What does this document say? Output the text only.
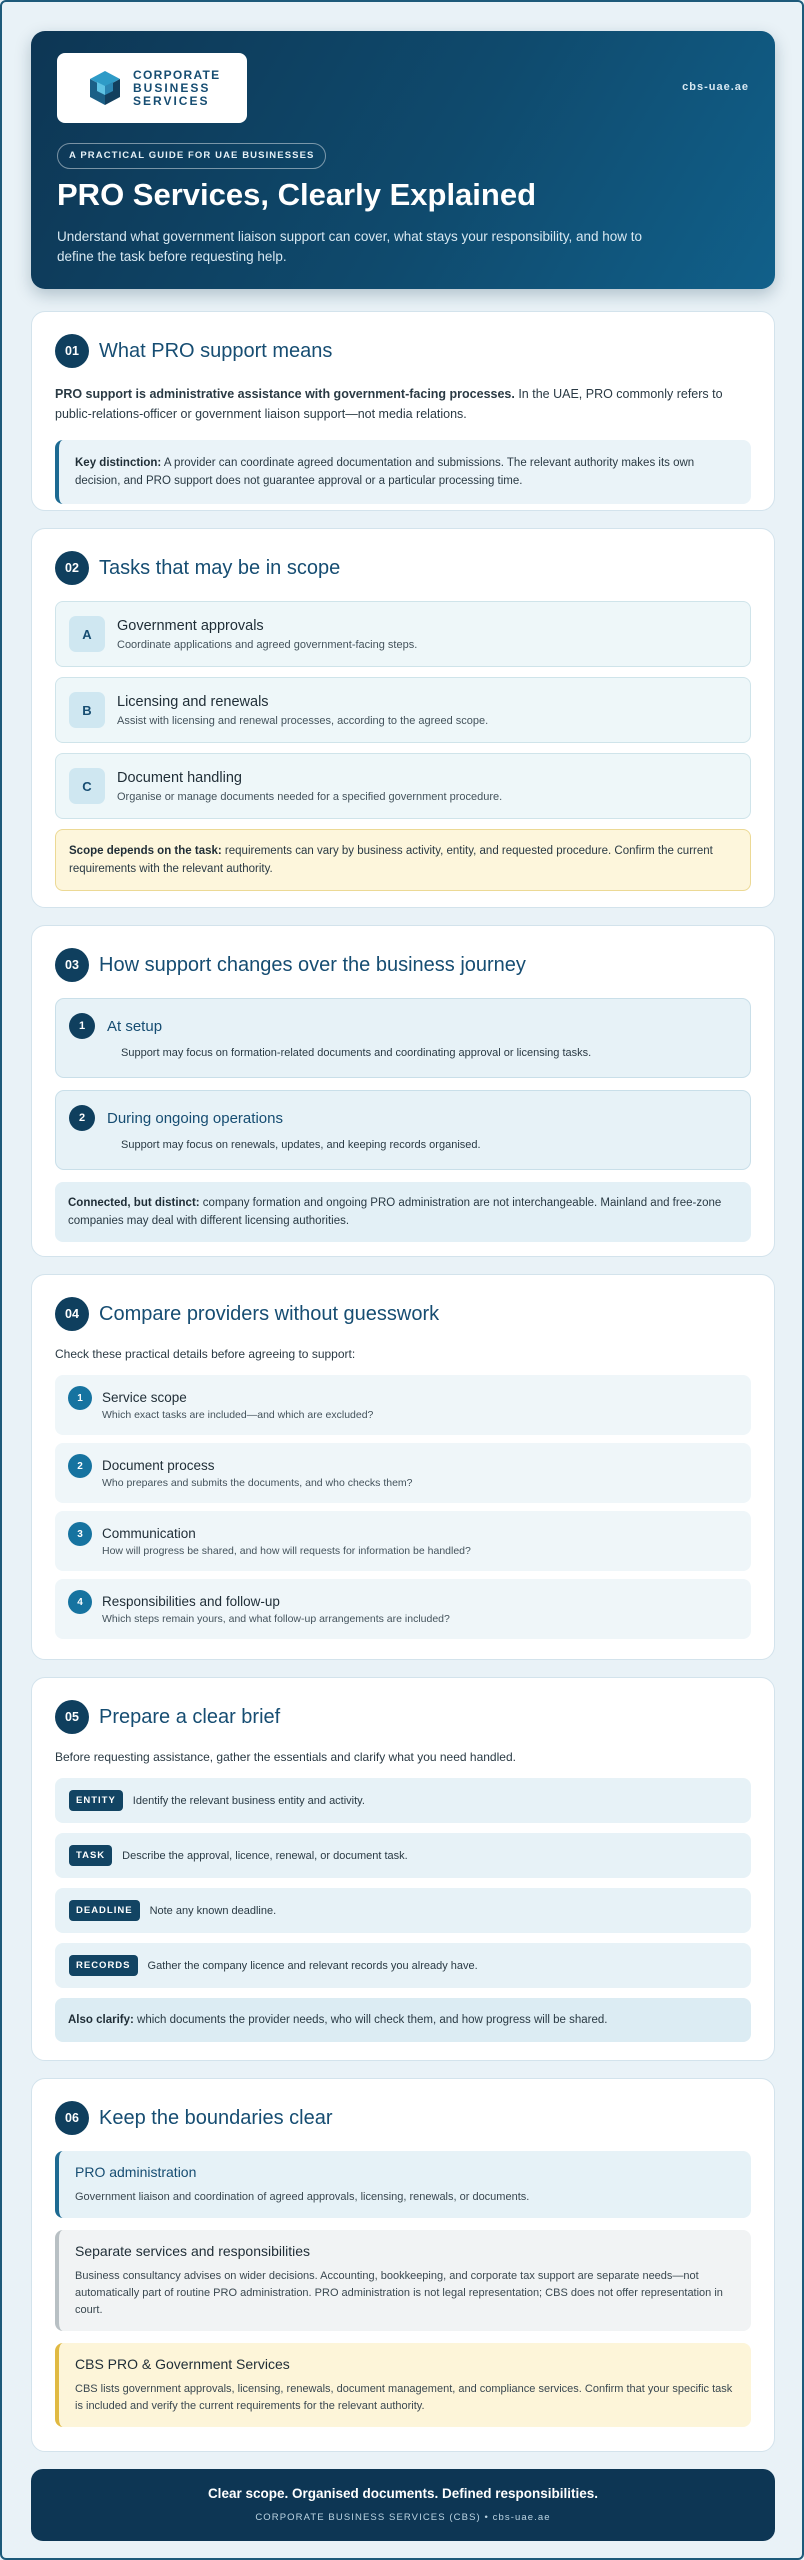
CORPORATE
BUSINESS
SERVICES
cbs-uae.ae
A PRACTICAL GUIDE FOR UAE BUSINESSES
PRO Services, Clearly Explained

Understand what government liaison support can cover, what stays your responsibility, and how to define the task before requesting help.

01	What PRO support means
PRO support is administrative assistance with government-facing processes. In the UAE, PRO commonly refers to public-relations-officer or government liaison support—not media relations.
Key distinction: A provider can coordinate agreed documentation and submissions. The relevant authority makes its own decision, and PRO support does not guarantee approval or a particular processing time.
02	Tasks that may be in scope
A
Government approvals
Coordinate applications and agreed government-facing steps.
B
Licensing and renewals
Assist with licensing and renewal processes, according to the agreed scope.
C
Document handling
Organise or manage documents needed for a specified government procedure.
Scope depends on the task: requirements can vary by business activity, entity, and requested procedure. Confirm the current requirements with the relevant authority.
03	How support changes over the business journey
1	At setup
Support may focus on formation-related documents and coordinating approval or licensing tasks.
2	During ongoing operations
Support may focus on renewals, updates, and keeping records organised.
Connected, but distinct: company formation and ongoing PRO administration are not interchangeable. Mainland and free-zone companies may deal with different licensing authorities.
04	Compare providers without guesswork
Check these practical details before agreeing to support:
1	Service scope
Which exact tasks are included—and which are excluded?
2	Document process
Who prepares and submits the documents, and who checks them?
3	Communication
How will progress be shared, and how will requests for information be handled?
4	Responsibilities and follow-up
Which steps remain yours, and what follow-up arrangements are included?
05	Prepare a clear brief
Before requesting assistance, gather the essentials and clarify what you need handled.
ENTITY	Identify the relevant business entity and activity.
TASK	Describe the approval, licence, renewal, or document task.
DEADLINE	Note any known deadline.
RECORDS	Gather the company licence and relevant records you already have.
Also clarify: which documents the provider needs, who will check them, and how progress will be shared.
06	Keep the boundaries clear
PRO administration
Government liaison and coordination of agreed approvals, licensing, renewals, or documents.
Separate services and responsibilities
Business consultancy advises on wider decisions. Accounting, bookkeeping, and corporate tax support are separate needs—not automatically part of routine PRO administration. PRO administration is not legal representation; CBS does not offer representation in court.
CBS PRO & Government Services
CBS lists government approvals, licensing, renewals, document management, and compliance services. Confirm that your specific task is included and verify the current requirements for the relevant authority.
Clear scope. Organised documents. Defined responsibilities.
CORPORATE BUSINESS SERVICES (CBS) • cbs-uae.ae
